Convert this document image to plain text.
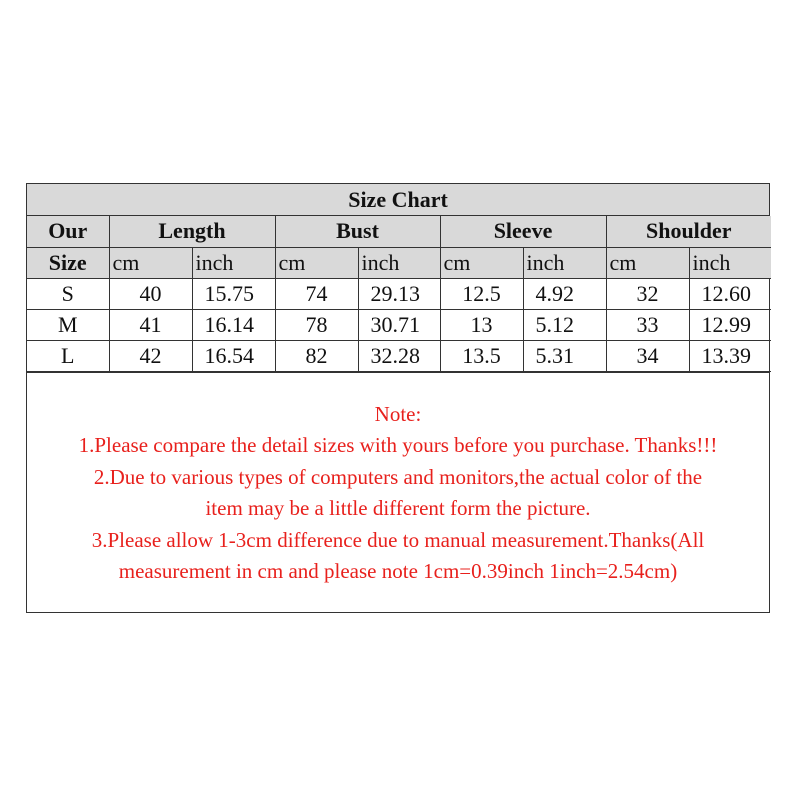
Size Chart
Our	Length		Bust		Sleeve		Shoulder	
Size	cm	inch	cm	inch	cm	inch	cm	inch
S	40	15.75	74	29.13	12.5	4.92	32	12.60
M	41	16.14	78	30.71	13	5.12	33	12.99
L	42	16.54	82	32.28	13.5	5.31	34	13.39
Note:
1.Please compare the detail sizes with yours before you purchase. Thanks!!!
2.Due to various types of computers and monitors,the actual color of the
item may be a little different form the picture.
3.Please allow 1-3cm difference due to manual measurement.Thanks(All
measurement in cm and please note 1cm=0.39inch 1inch=2.54cm)
